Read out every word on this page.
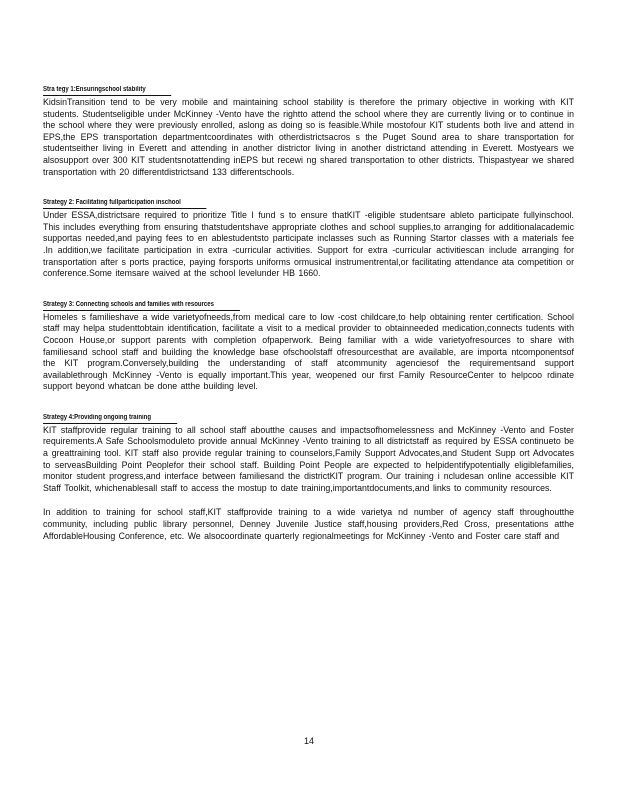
Stra tegy 1:Ensuringschool stability
KidsinTransition tend to be very mobile and maintaining school stability is therefore the primary objective in working with KIT students. Studentseligible under McKinney -Vento have the rightto attend the school where they are currently living or to continue in the school where they were previously enrolled, aslong as doing so is feasible.While mostofour KIT students both live and attend in EPS,the EPS transportation departmentcoordinates with otherdistrictsacros s the Puget Sound area to share transportation for studentseither living in Everett and attending in another districtor living in another districtand attending in Everett. Mostyears we alsosupport over 300 KIT studentsnotattending inEPS but recewi ng shared transportation to other districts. Thispastyear we shared transportation with 20 differentdistrictsand 133 differentschools.
Strategy 2: Facilitating fullparticipation inschool
Under ESSA,districtsare required to prioritize Title I fund s to ensure thatKIT -eligible studentsare ableto participate fullyinschool. This includes everything from ensuring thatstudentshave appropriate clothes and school supplies,to arranging for additionalacademic supportas needed,and paying fees to en ablestudentsto participate inclasses such as Running Startor classes with a materials fee .In addition,we facilitate participation in extra -curricular activities. Support for extra -curricular activitiescan include arranging for transportation after s ports practice, paying forsports uniforms ormusical instrumentrental,or facilitating attendance ata competition or conference.Some itemsare waived at the school levelunder HB 1660.
Strategy 3: Connecting schools and families with resources
Homeles s familieshave a wide varietyofneeds,from medical care to low -cost childcare,to help obtaining renter certification. School staff may helpa studenttobtain identification, facilitate a visit to a medical provider to obtainneeded medication,connects tudents with Cocoon House,or support parents with completion ofpaperwork. Being familiar with a wide varietyofresources to share with familiesand school staff and building the knowledge base ofschoolstaff ofresourcesthat are available, are importa ntcomponentsof the KIT program.Conversely,building the understanding of staff atcommunity agenciesof the requirementsand support availablethrough McKinney -Vento is equally important.This year, weopened our first Family ResourceCenter to helpcoo rdinate support beyond whatcan be done atthe building level.
Strategy 4:Providing ongoing training
KIT staffprovide regular training to all school staff aboutthe causes and impactsofhomelessness and McKinney -Vento and Foster requirements.A Safe Schoolsmoduleto provide annual McKinney -Vento training to all districtstaff as required by ESSA continueto be a greattraining tool. KIT staff also provide regular training to counselors,Family Support Advocates,and Student Supp ort Advocates to serveasBuilding Point Peoplefor their school staff. Building Point People are expected to helpidentifypotentially eligiblefamilies, monitor student progress,and interface between familiesand the districtKIT program. Our training i ncludesan online accessible KIT Staff Toolkit, whichenablesall staff to access the mostup to date training,importantdocuments,and links to community resources.
In addition to training for school staff,KIT staffprovide training to a wide varietya nd number of agency staff throughoutthe community, including public library personnel, Denney Juvenile Justice staff,housing providers,Red Cross, presentations atthe AffordableHousing Conference, etc. We alsocoordinate quarterly regionalmeetings for McKinney -Vento and Foster care staff and
14
